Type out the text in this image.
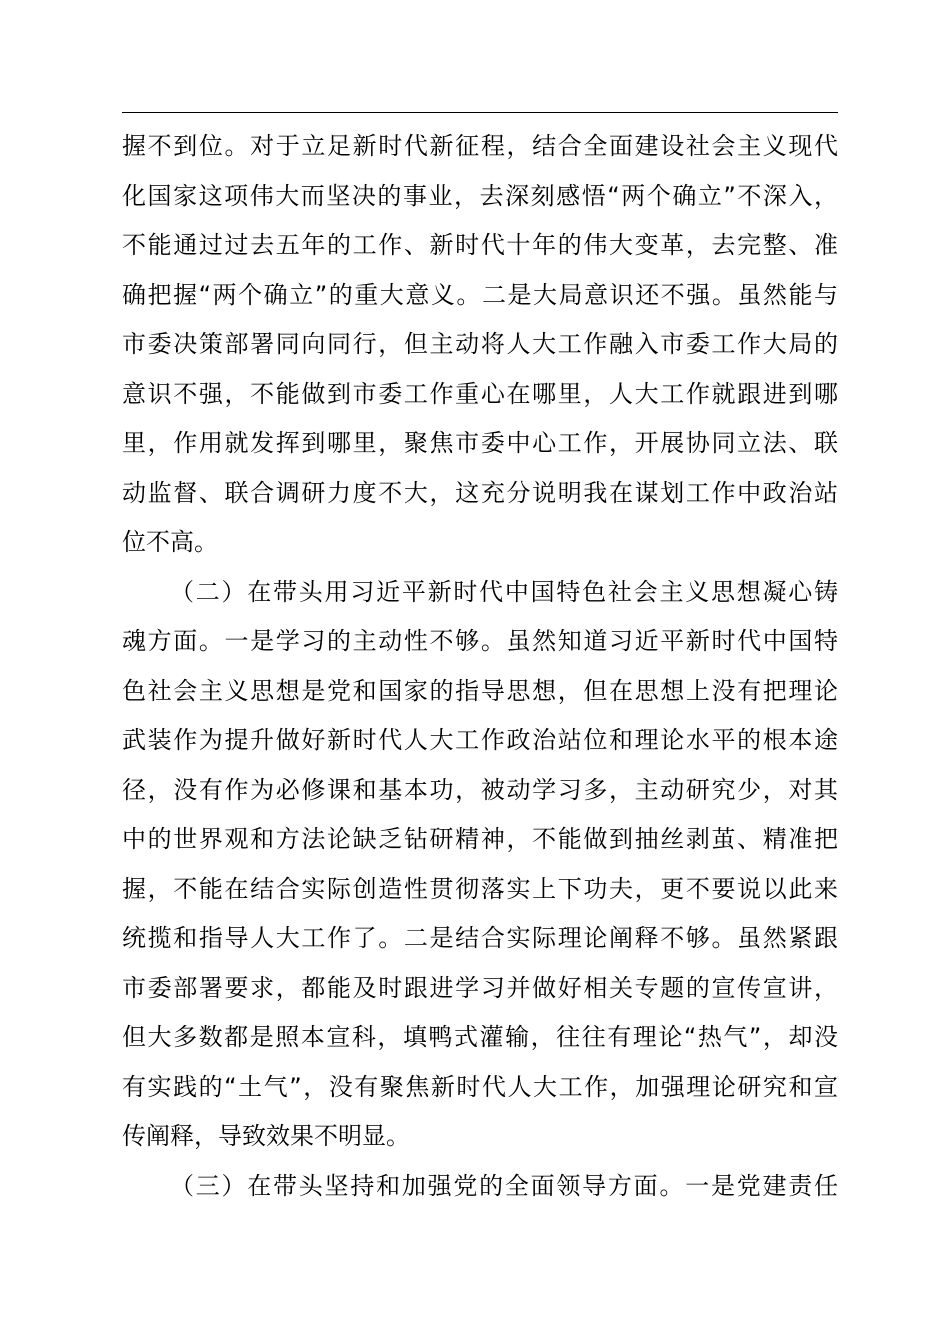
握不到位。对于立足新时代新征程，结合全面建设社会主义现代
化国家这项伟大而坚决的事业，去深刻感悟“两个确立”不深入，
不能通过过去五年的工作、新时代十年的伟大变革，去完整、准
确把握“两个确立”的重大意义。二是大局意识还不强。虽然能与
市委决策部署同向同行，但主动将人大工作融入市委工作大局的
意识不强，不能做到市委工作重心在哪里，人大工作就跟进到哪
里，作用就发挥到哪里，聚焦市委中心工作，开展协同立法、联
动监督、联合调研力度不大，这充分说明我在谋划工作中政治站
位不高。
（二）在带头用习近平新时代中国特色社会主义思想凝心铸
魂方面。一是学习的主动性不够。虽然知道习近平新时代中国特
色社会主义思想是党和国家的指导思想，但在思想上没有把理论
武装作为提升做好新时代人大工作政治站位和理论水平的根本途
径，没有作为必修课和基本功，被动学习多，主动研究少，对其
中的世界观和方法论缺乏钻研精神，不能做到抽丝剥茧、精准把
握，不能在结合实际创造性贯彻落实上下功夫，更不要说以此来
统揽和指导人大工作了。二是结合实际理论阐释不够。虽然紧跟
市委部署要求，都能及时跟进学习并做好相关专题的宣传宣讲，
但大多数都是照本宣科，填鸭式灌输，往往有理论“热气”，却没
有实践的“土气”，没有聚焦新时代人大工作，加强理论研究和宣
传阐释，导致效果不明显。
（三）在带头坚持和加强党的全面领导方面。一是党建责任
